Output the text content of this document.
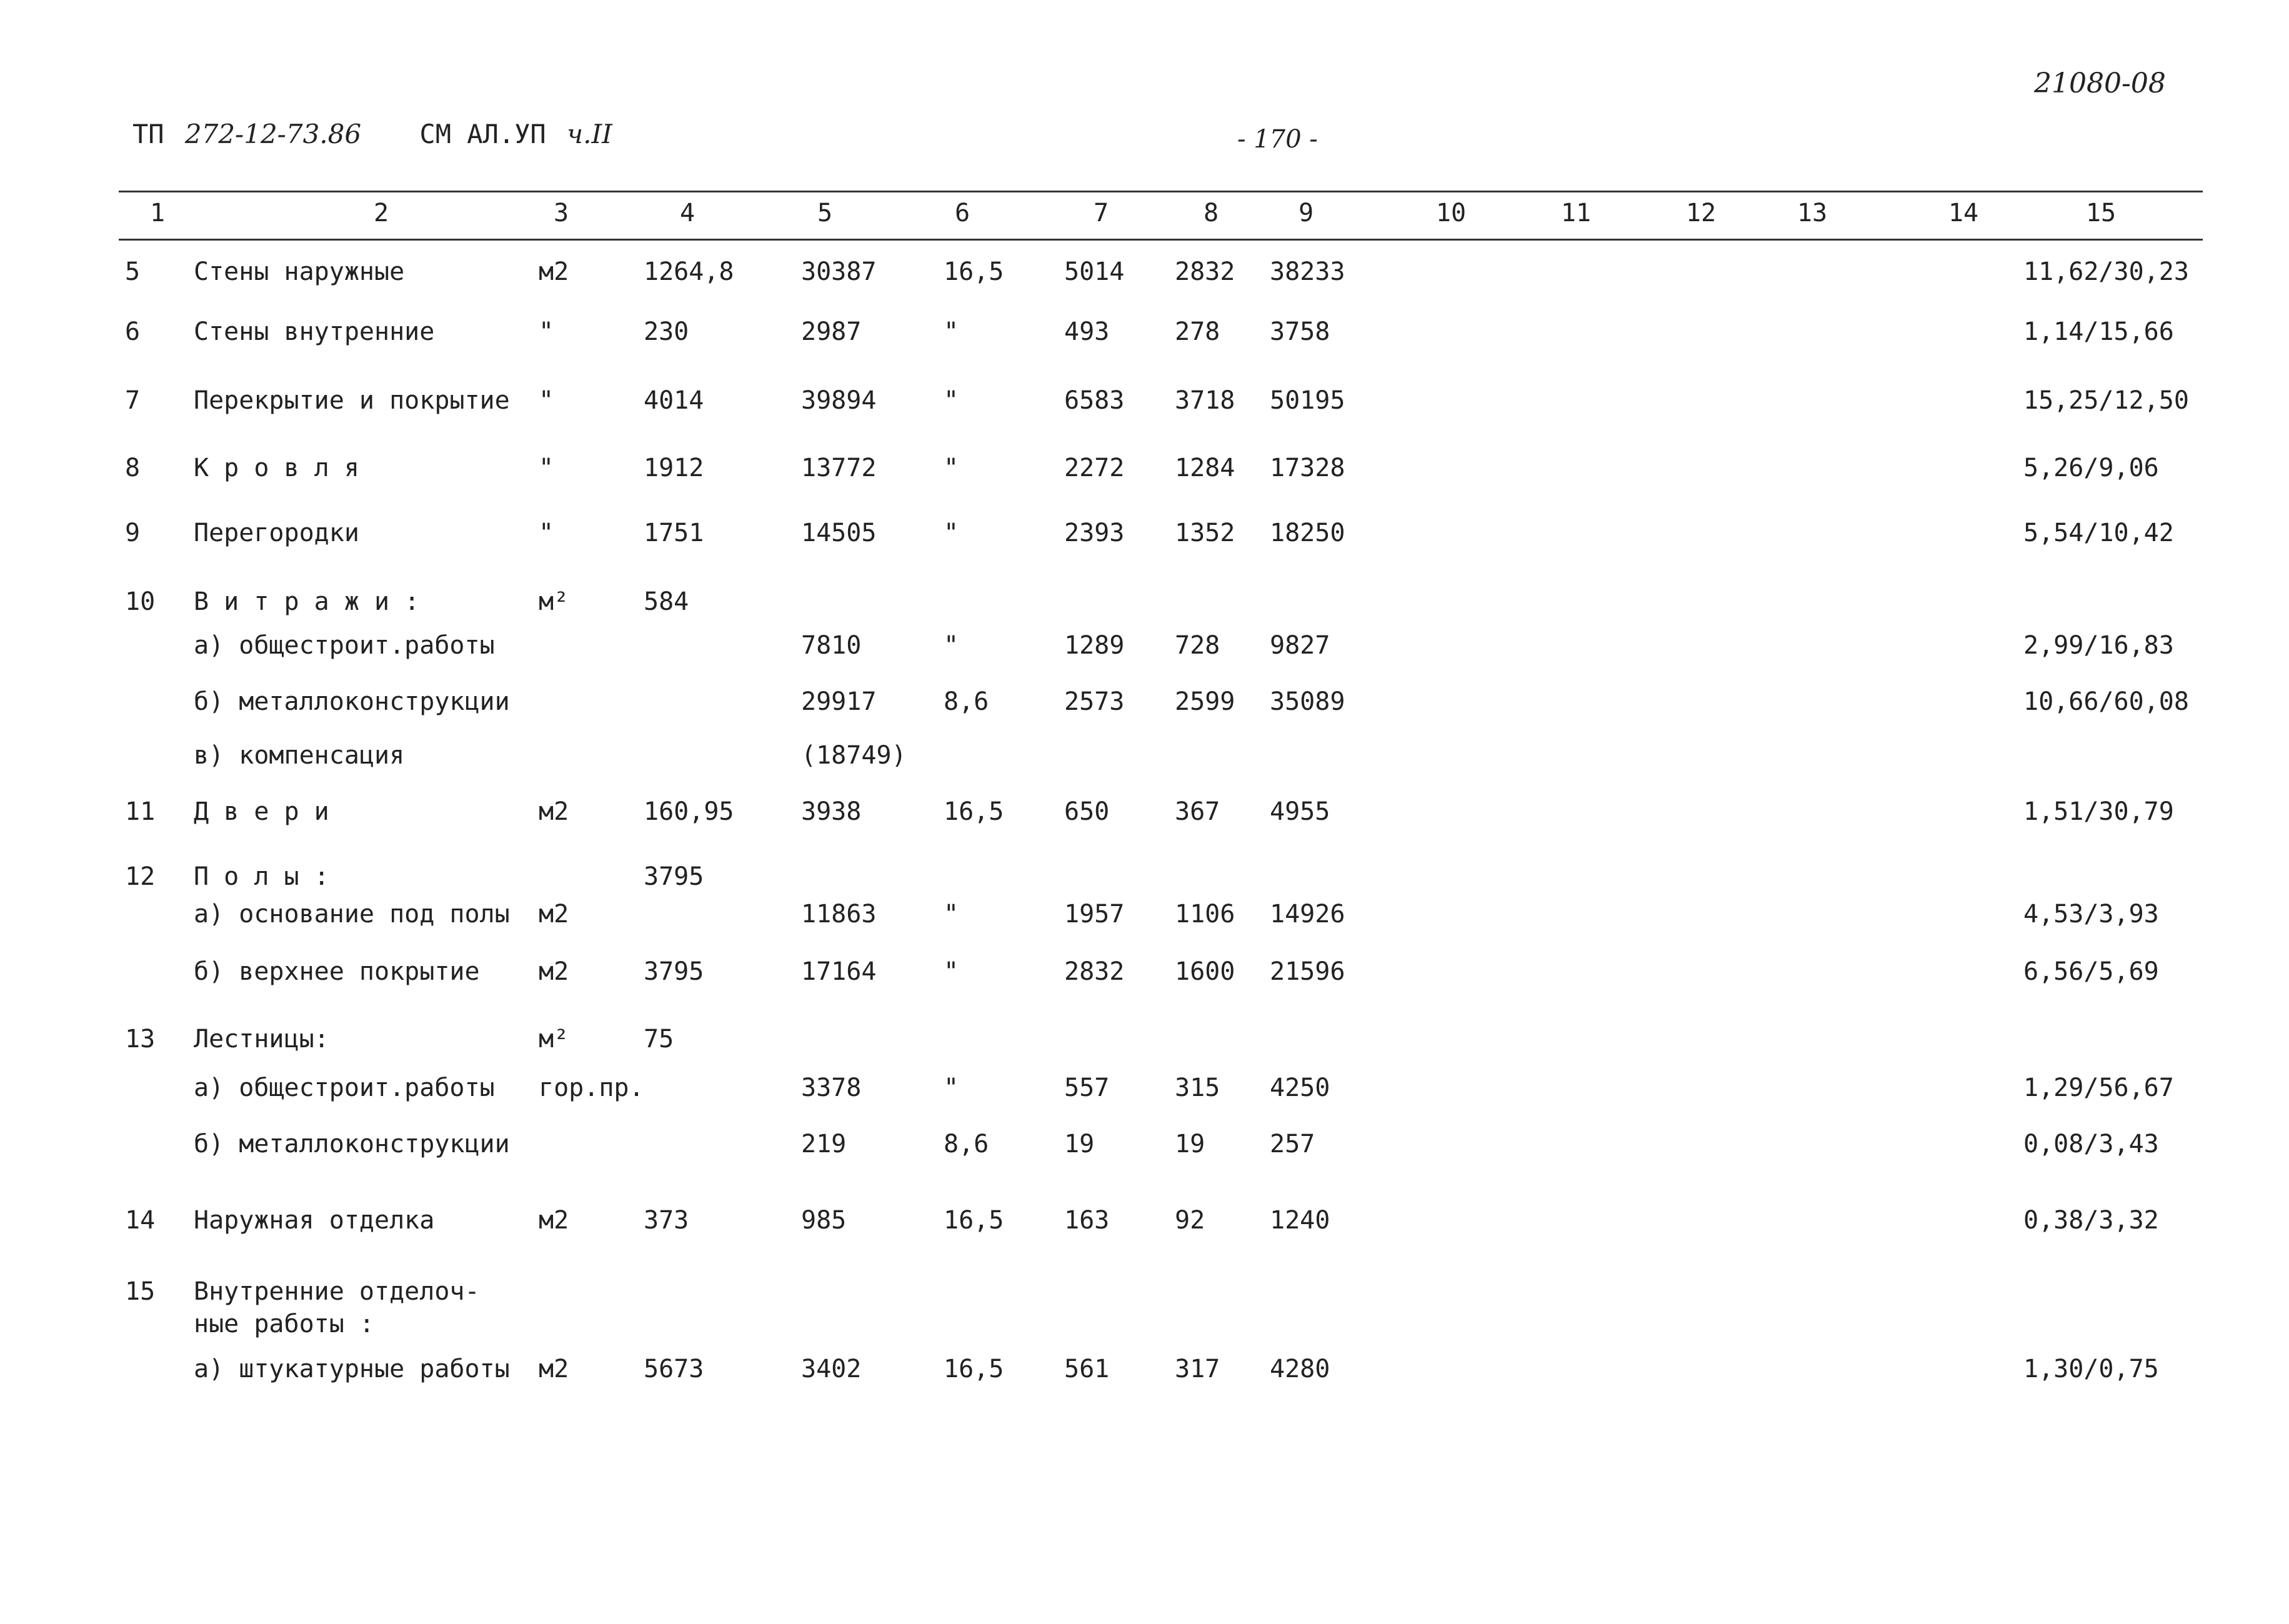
21080-08
ТП 272-12-73.86 СМ АЛ.УП ч.II	- 170 -
1	2	3	4	5	6	7	8	9	10	11	12	13	14	15
5 Стены наружные	м2	1264,8	30387	16,5 5014 2832 38233	11,62/30,23
6 Стены внутренние	"	230	2987	"	493	278 3758	1,14/15,66
7 Перекрытие и покрытие "	4014	39894	"	6583 3718 50195	15,25/12,50
8 К р о в л я	"	1912	13772	"	2272 1284 17328	5,26/9,06
9 Перегородки	"	1751	14505	"	2393 1352 18250	5,54/10,42
10 В и т р а ж и :	м²	584
а) общестроит.работы	7810	"	1289 728 9827	2,99/16,83
б) металлоконструкции	29917	8,6	2573 2599 35089	10,66/60,08
в) компенсация	(18749)
11 Д в е р и	м2	160,95	3938	16,5 650	367 4955	1,51/30,79
12 П о л ы :	3795
а) основание под полы м2	11863	"	1957 1106 14926	4,53/3,93
б) верхнее покрытие м2	3795	17164	"	2832 1600 21596	6,56/5,69
13 Лестницы:	м²	75
а) общестроит.работы гор.пр.	3378	"	557	315 4250	1,29/56,67
б) металлоконструкции	219	8,6	19	19	257	0,08/3,43
14 Наружная отделка	м2	373	985	16,5 163	92	1240	0,38/3,32
15 Внутренние отделоч-
ные работы :
а) штукатурные работы м2	5673	3402	16,5 561	317 4280	1,30/0,75
